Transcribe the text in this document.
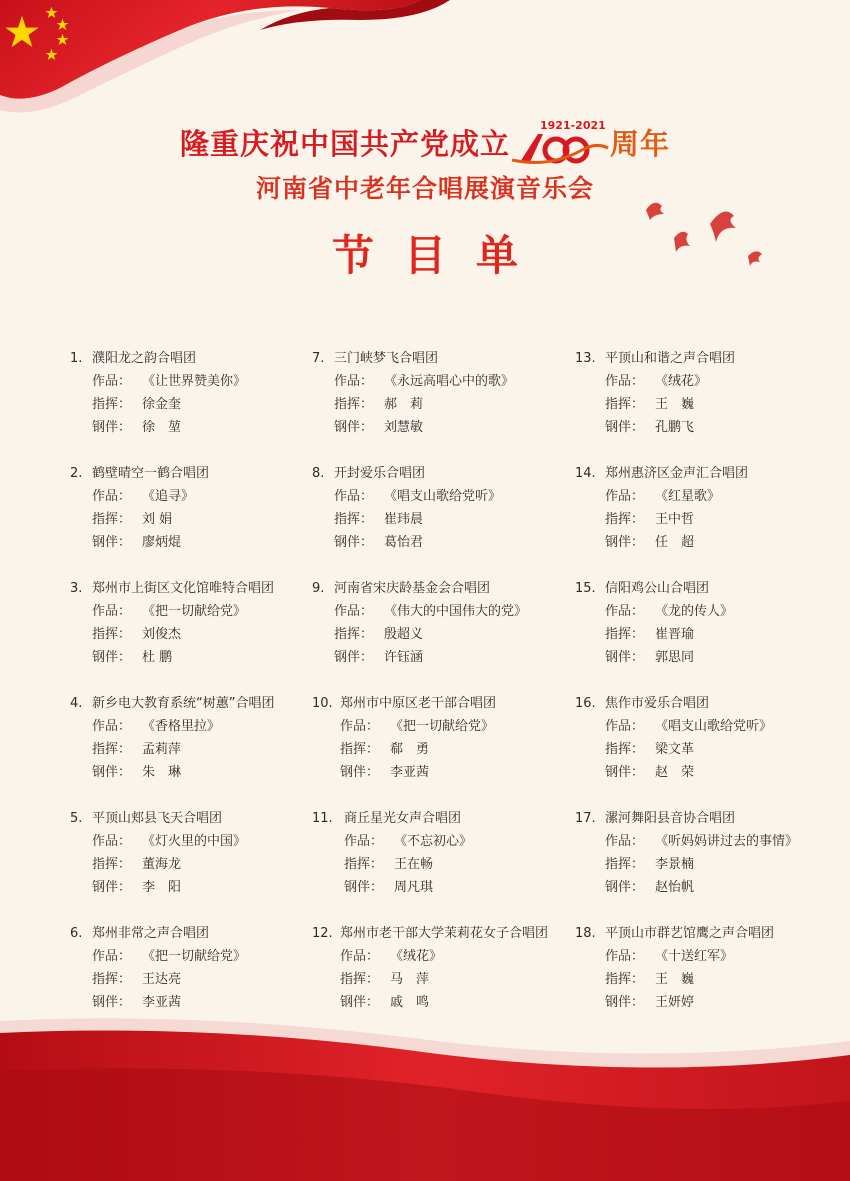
隆重庆祝中国共产党成立
1921-2021
周年
河南省中老年合唱展演音乐会
节目单
1. 濮阳龙之韵合唱团
作品： 《让世界赞美你》
指挥： 徐金奎
钢伴： 徐　堃
2. 鹤壁晴空一鹤合唱团
作品： 《追寻》
指挥： 刘 娟
钢伴： 廖炳焜
3. 郑州市上街区文化馆唯特合唱团
作品： 《把一切献给党》
指挥： 刘俊杰
钢伴： 杜 鹏
4. 新乡电大教育系统“树蕙”合唱团
作品： 《香格里拉》
指挥： 孟莉萍
钢伴： 朱　琳
5. 平顶山郏县飞天合唱团
作品： 《灯火里的中国》
指挥： 董海龙
钢伴： 李　阳
6. 郑州非常之声合唱团
作品： 《把一切献给党》
指挥： 王达亮
钢伴： 李亚茜
7. 三门峡梦飞合唱团
作品： 《永远高唱心中的歌》
指挥： 郝　莉
钢伴： 刘慧敏
8. 开封爱乐合唱团
作品： 《唱支山歌给党听》
指挥： 崔玮晨
钢伴： 葛怡君
9. 河南省宋庆龄基金会合唱团
作品： 《伟大的中国伟大的党》
指挥： 殷超义
钢伴： 许钰涵
10. 郑州市中原区老干部合唱团
作品： 《把一切献给党》
指挥： 郗　勇
钢伴： 李亚茜
11. 商丘星光女声合唱团
作品： 《不忘初心》
指挥： 王在畅
钢伴： 周凡琪
12. 郑州市老干部大学茉莉花女子合唱团
作品： 《绒花》
指挥： 马　萍
钢伴： 戚　鸣
13. 平顶山和谐之声合唱团
作品： 《绒花》
指挥： 王　巍
钢伴： 孔鹏飞
14. 郑州惠济区金声汇合唱团
作品： 《红星歌》
指挥： 王中哲
钢伴： 任　超
15. 信阳鸡公山合唱团
作品： 《龙的传人》
指挥： 崔晋瑜
钢伴： 郭思同
16. 焦作市爱乐合唱团
作品： 《唱支山歌给党听》
指挥： 梁文革
钢伴： 赵　荣
17. 漯河舞阳县音协合唱团
作品： 《听妈妈讲过去的事情》
指挥： 李景楠
钢伴： 赵怡帆
18. 平顶山市群艺馆鹰之声合唱团
作品： 《十送红军》
指挥： 王　巍
钢伴： 王妍婷
